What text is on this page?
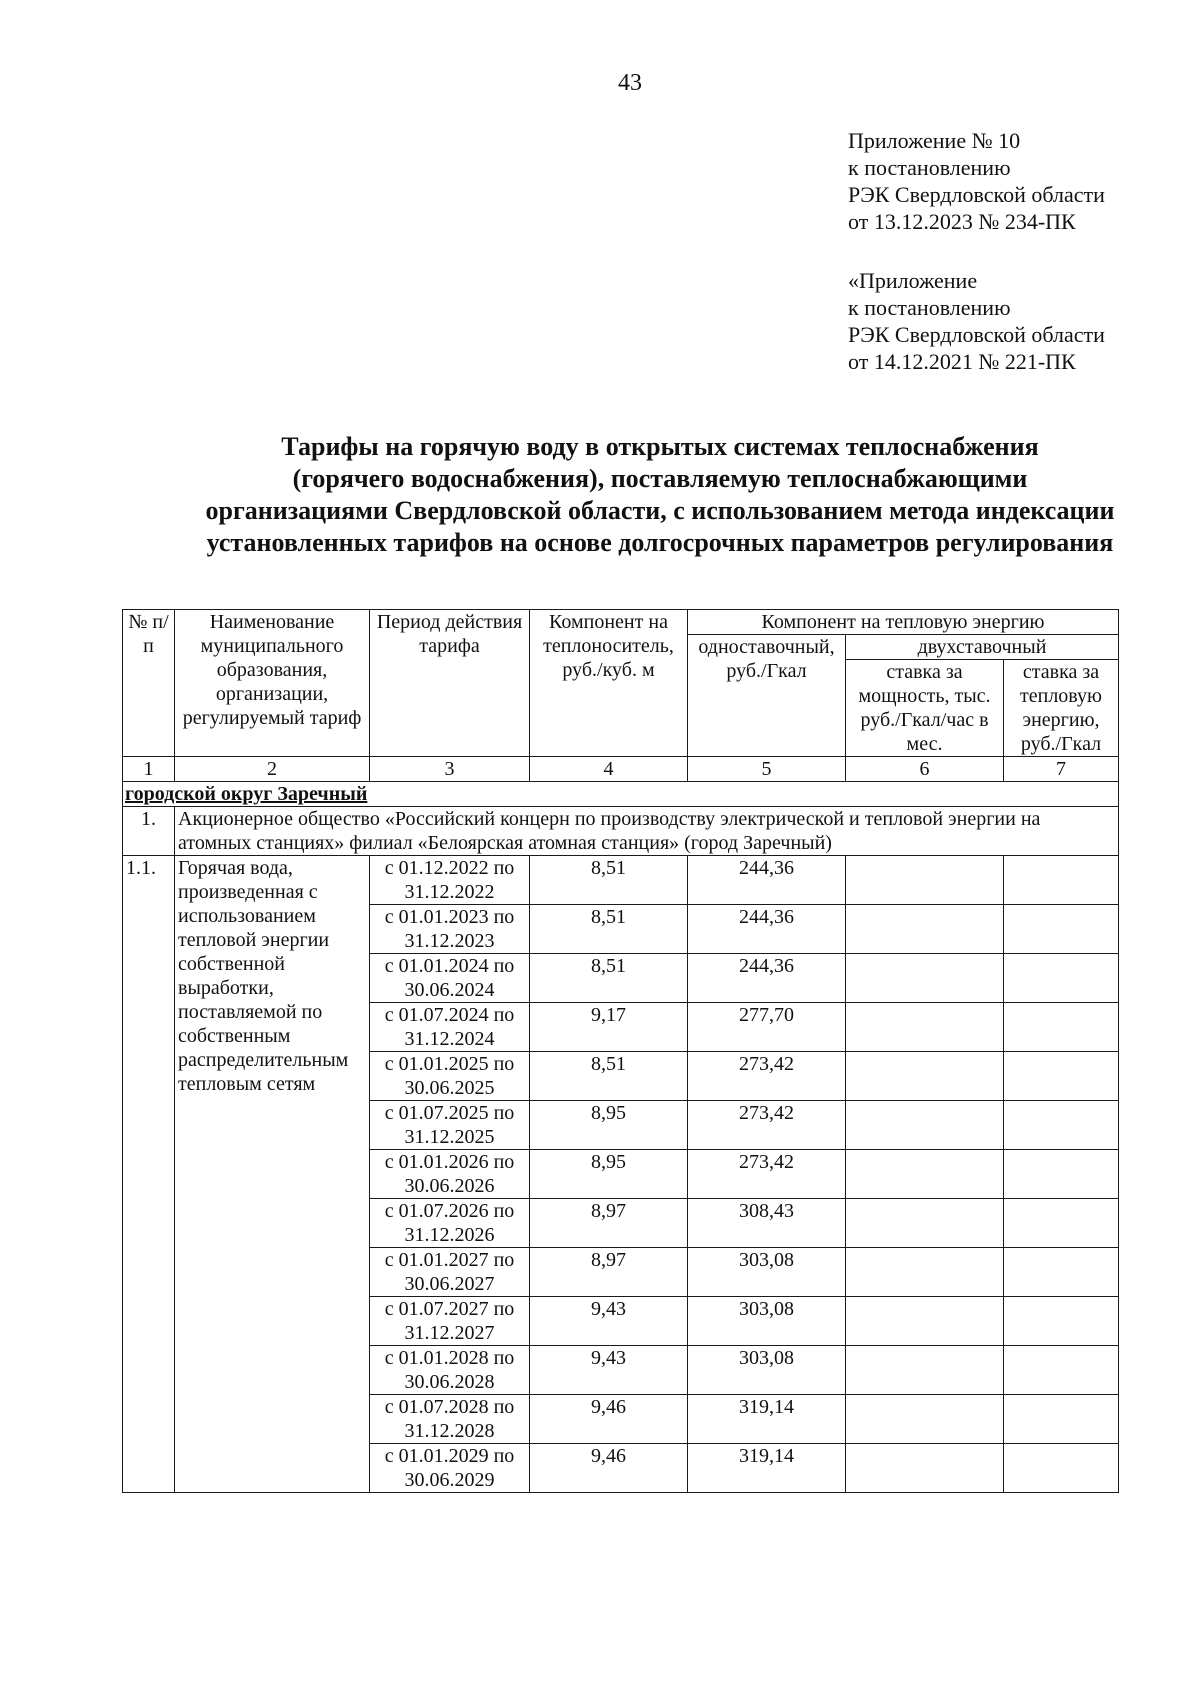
43
Приложение № 10
к постановлению
РЭК Свердловской области
от 13.12.2023 № 234-ПК
«Приложение
к постановлению
РЭК Свердловской области
от 14.12.2021 № 221-ПК
Тарифы на горячую воду в открытых системах теплоснабжения
(горячего водоснабжения), поставляемую теплоснабжающими
организациями Свердловской области, с использованием метода индексации
установленных тарифов на основе долгосрочных параметров регулирования
№ п/п	Наименование муниципального образования, организации, регулируемый тариф	Период действия тарифа	Компонент на теплоноситель, руб./куб. м	Компонент на тепловую энергию		
				одноставочный, руб./Гкал	двухставочный	
					ставка за мощность, тыс. руб./Гкал/час в мес.	ставка за тепловую энергию, руб./Гкал
1	2	3	4	5	6	7
городской округ Заречный						
1.	Акционерное общество «Российский концерн по производству электрической и тепловой энергии на атомных станциях» филиал «Белоярская атомная станция» (город Заречный)					
1.1.	Горячая вода, произведенная с использованием тепловой энергии собственной выработки, поставляемой по собственным распределительным тепловым сетям	с 01.12.2022 по 31.12.2022	8,51	244,36		
		с 01.01.2023 по 31.12.2023	8,51	244,36		
		с 01.01.2024 по 30.06.2024	8,51	244,36		
		с 01.07.2024 по 31.12.2024	9,17	277,70		
		с 01.01.2025 по 30.06.2025	8,51	273,42		
		с 01.07.2025 по 31.12.2025	8,95	273,42		
		с 01.01.2026 по 30.06.2026	8,95	273,42		
		с 01.07.2026 по 31.12.2026	8,97	308,43		
		с 01.01.2027 по 30.06.2027	8,97	303,08		
		с 01.07.2027 по 31.12.2027	9,43	303,08		
		с 01.01.2028 по 30.06.2028	9,43	303,08		
		с 01.07.2028 по 31.12.2028	9,46	319,14		
		с 01.01.2029 по 30.06.2029	9,46	319,14		
